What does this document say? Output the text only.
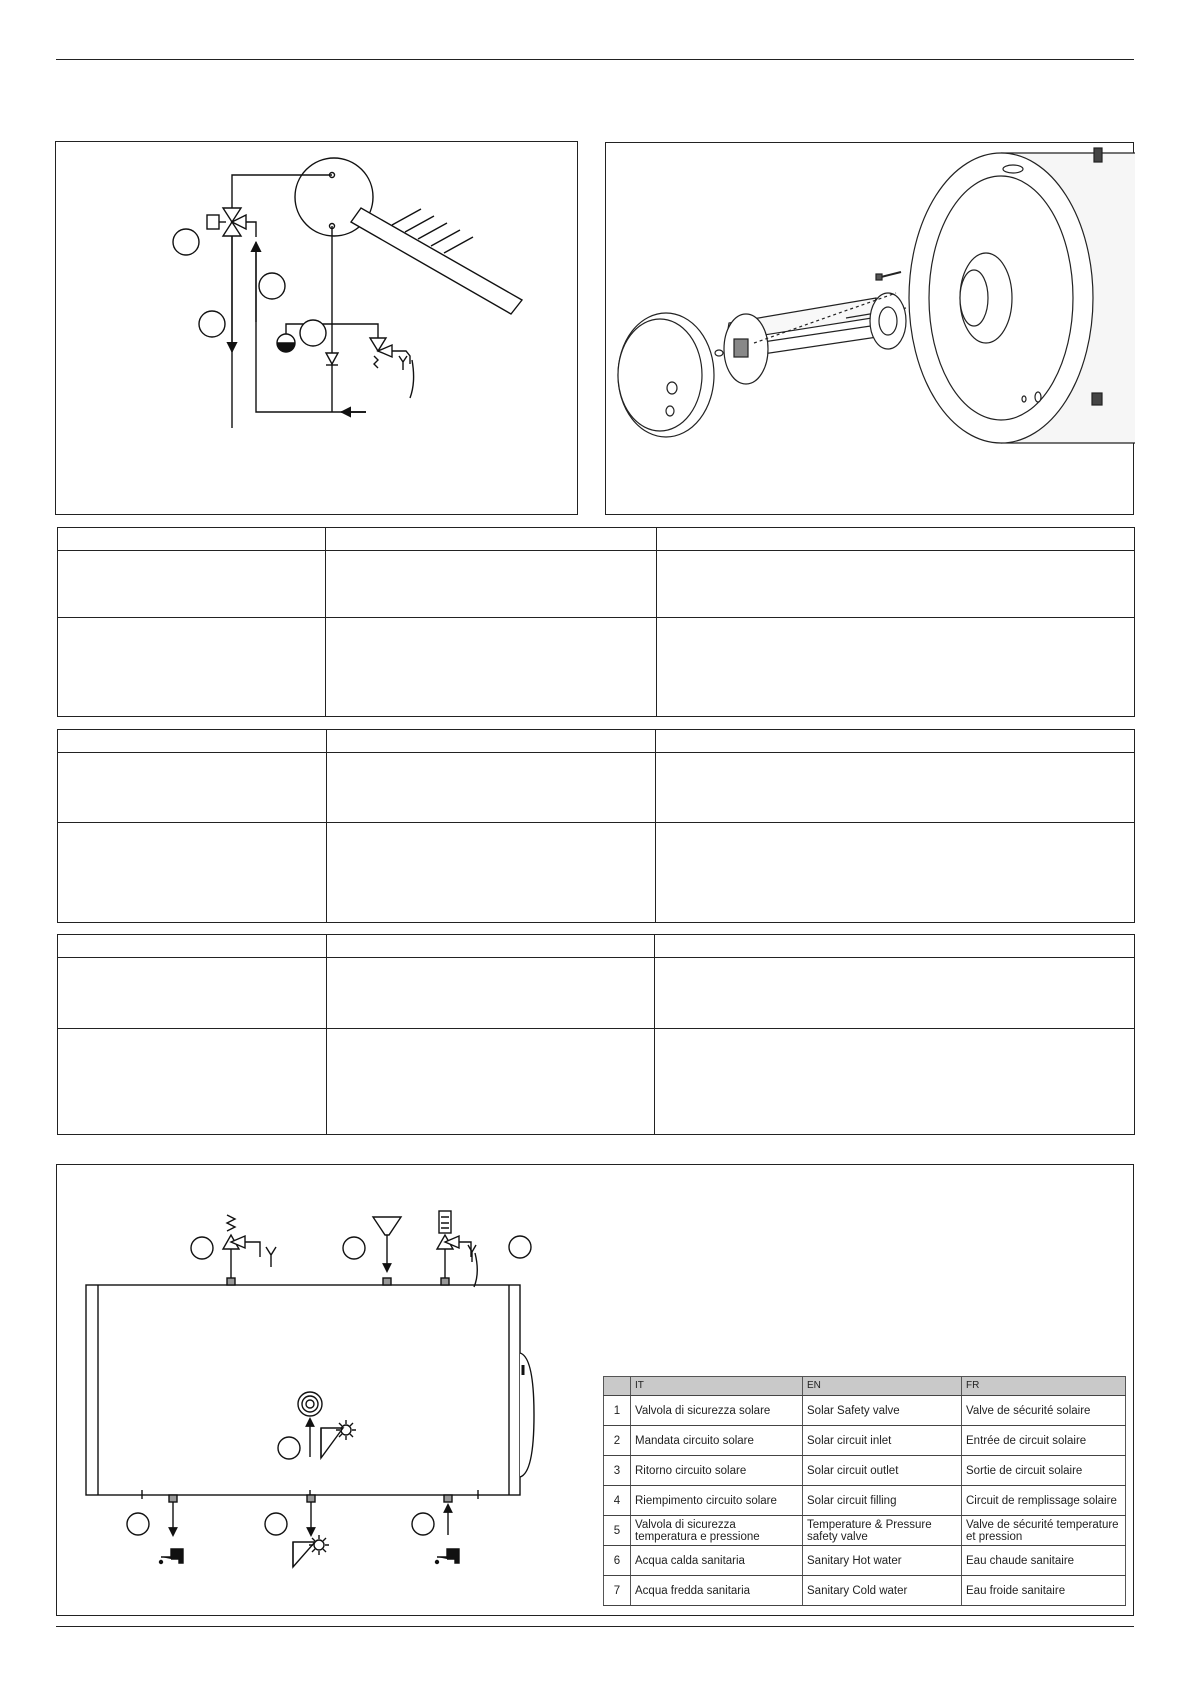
	IT	EN	FR
1	Valvola di sicurezza solare	Solar Safety valve	Valve de sécurité solaire
2	Mandata circuito solare	Solar circuit inlet	Entrée de circuit solaire
3	Ritorno circuito solare	Solar circuit outlet	Sortie de circuit solaire
4	Riempimento circuito solare	Solar circuit filling	Circuit de remplissage solaire
5	Valvola di sicurezza temperatura e pressione	Temperature & Pressure safety valve	Valve de sécurité temperature et pression
6	Acqua calda sanitaria	Sanitary Hot water	Eau chaude sanitaire
7	Acqua fredda sanitaria	Sanitary Cold water	Eau froide sanitaire
